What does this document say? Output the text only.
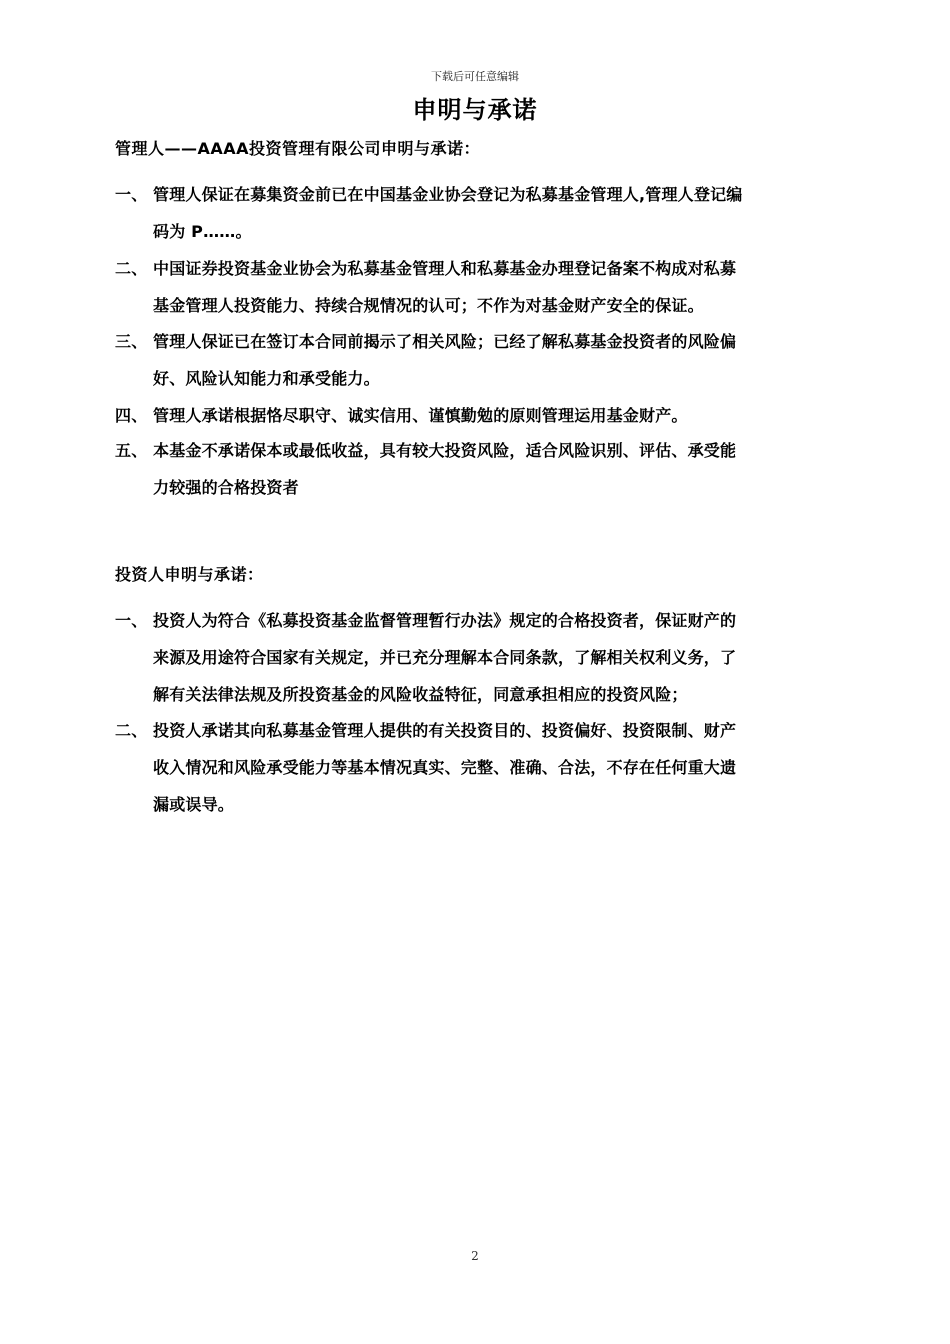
下载后可任意编辑
申明与承诺
管理人——AAAA投资管理有限公司申明与承诺：
一、 管理人保证在募集资金前已在中国基金业协会登记为私募基金管理人,管理人登记编
码为 P……。
二、 中国证券投资基金业协会为私募基金管理人和私募基金办理登记备案不构成对私募
基金管理人投资能力、持续合规情况的认可；不作为对基金财产安全的保证。
三、 管理人保证已在签订本合同前揭示了相关风险；已经了解私募基金投资者的风险偏
好、风险认知能力和承受能力。
四、 管理人承诺根据恪尽职守、诚实信用、谨慎勤勉的原则管理运用基金财产。
五、 本基金不承诺保本或最低收益，具有较大投资风险，适合风险识别、评估、承受能
力较强的合格投资者
投资人申明与承诺：
一、 投资人为符合《私募投资基金监督管理暂行办法》规定的合格投资者，保证财产的
来源及用途符合国家有关规定，并已充分理解本合同条款，了解相关权利义务，了
解有关法律法规及所投资基金的风险收益特征，同意承担相应的投资风险；
二、 投资人承诺其向私募基金管理人提供的有关投资目的、投资偏好、投资限制、财产
收入情况和风险承受能力等基本情况真实、完整、准确、合法，不存在任何重大遗
漏或误导。
2
